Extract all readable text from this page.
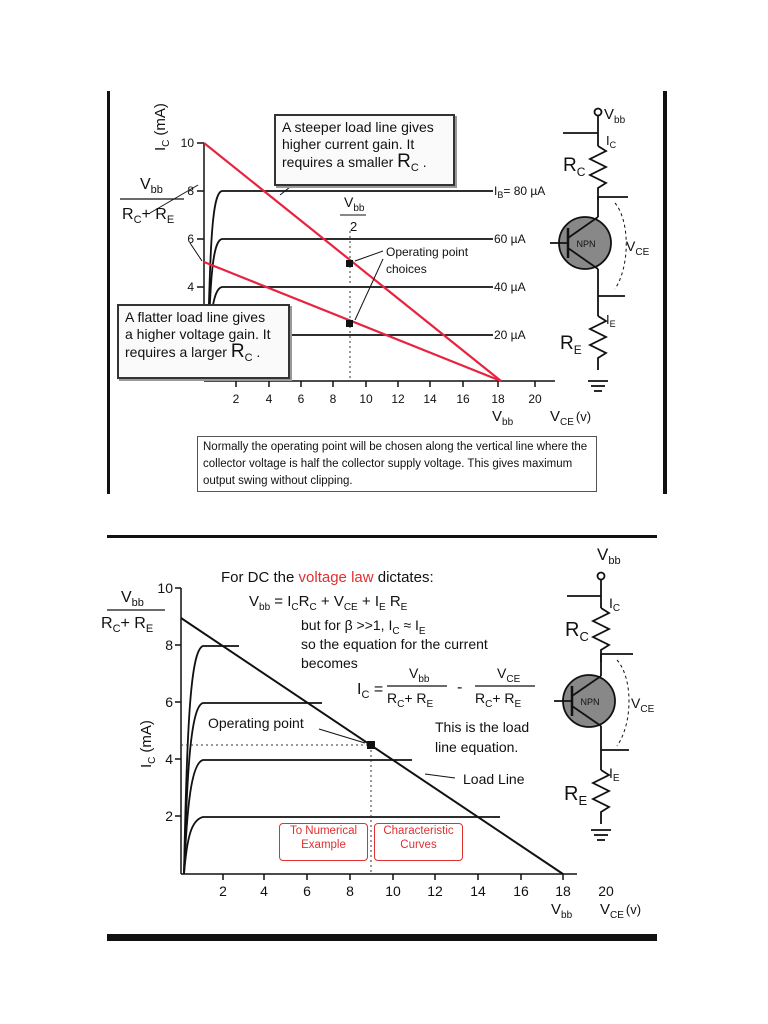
$I_C(mA)$
10
8
6
4
2 4 6 8 10 12 14 16 18 20
$V_{bb}$ $V_{CE}$ (v)
$V_{bb}$
$R_C+ R_E$
$V_{bb}$
2
$I_B= 80$ µA
60 µA
40 µA
20 µA
Operating point
choices
$V_{bb}$
$I_C$
$R_C$
NPN $V_{CE}$
$I_E$
$R_E$
A steeper load line gives
higher current gain. It
requires a smaller $R_C$ .
A flatter load line gives
a higher voltage gain. It
requires a larger $R_C$ .
Normally the operating point will be chosen along the vertical line where the collector voltage is half the collector supply voltage. This gives maximum output swing without clipping.
$I_C(mA)$
10
8
6
4
2
2 4	6	8 10 12 14 16 18 20
$V_{bb}$ $V_{CE}$ (v)
$V_{bb}$
$R_C+ R_E$
For DC the voltage law dictates:
$V_{bb} = I_CR_C + V_{CE} + I_E$ $R_E$
but for β >>1, $I_C \approx I_E$
so the equation for the current
becomes
$I_C$ =
$V_{bb}$
$R_C+ R_E$
-
$V_{CE}$
$R_C+ R_E$
This is the load
line equation.
Operating point
Load Line
$V_{bb}$
$I_C$
$R_C$
NPN $V_{CE}$
$I_E$
$R_E$
To Numerical
Example
Characteristic
Curves
